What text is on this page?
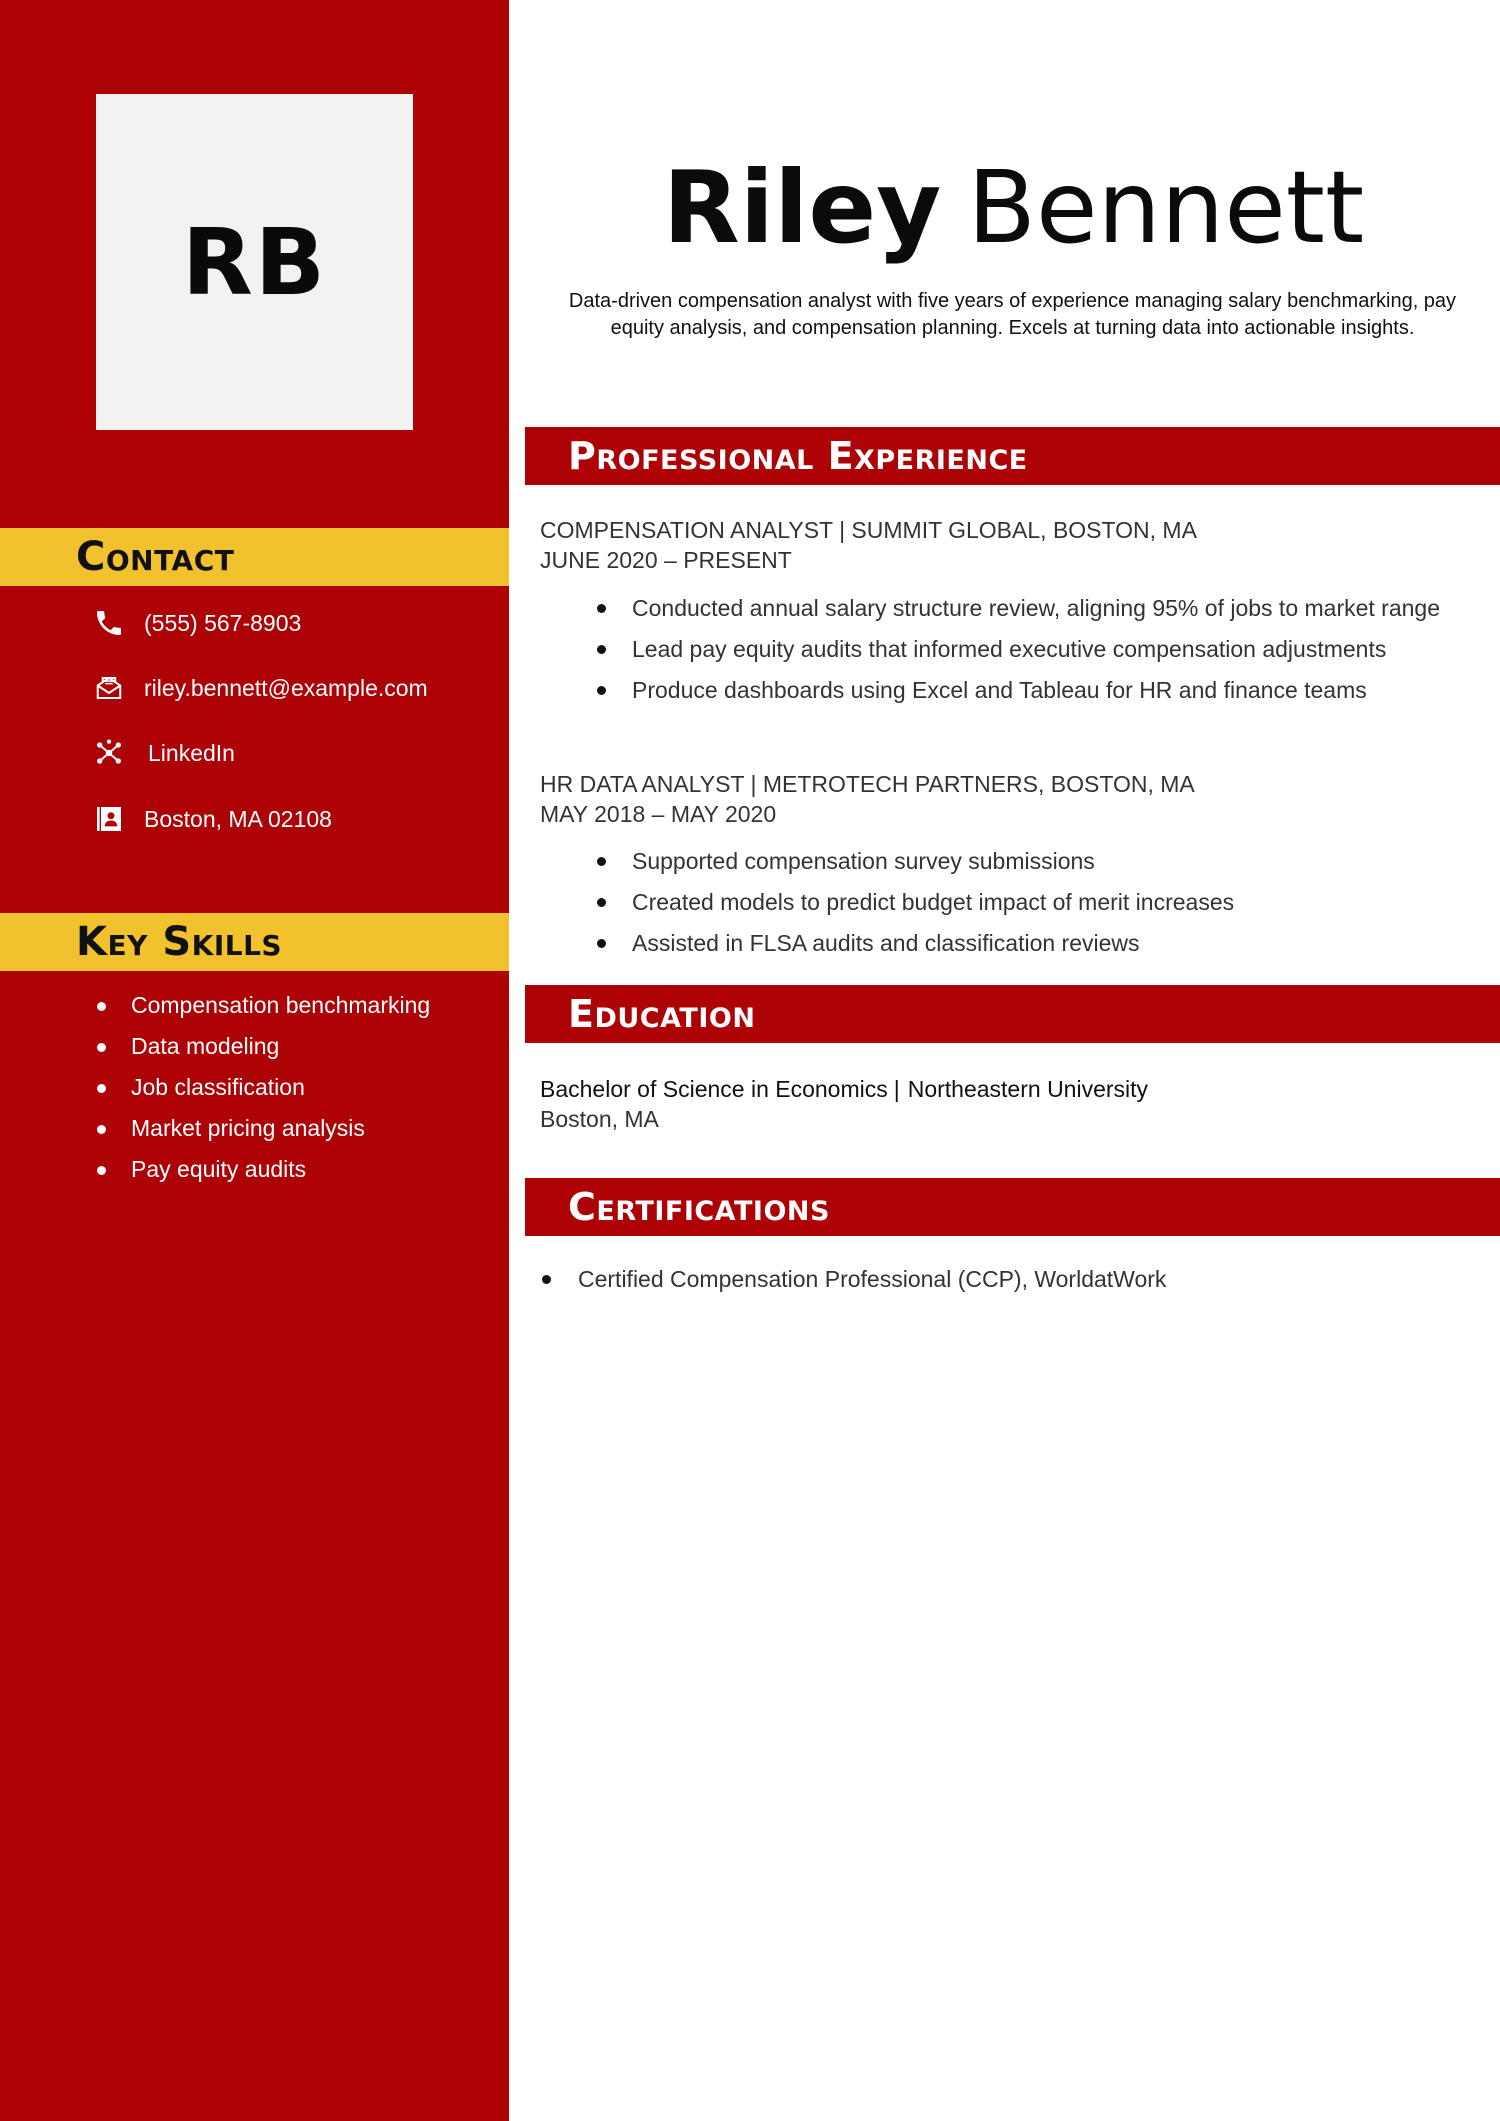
RB
Contact
(555) 567-8903
riley.bennett@example.com
LinkedIn
Boston, MA 02108
Key Skills
Compensation benchmarking
Data modeling
Job classification
Market pricing analysis
Pay equity audits
Riley Bennett
Data-driven compensation analyst with five years of experience managing salary benchmarking, pay equity analysis, and compensation planning. Excels at turning data into actionable insights.
Professional Experience
COMPENSATION ANALYST | SUMMIT GLOBAL, BOSTON, MA
JUNE 2020 – PRESENT
Conducted annual salary structure review, aligning 95% of jobs to market range
Lead pay equity audits that informed executive compensation adjustments
Produce dashboards using Excel and Tableau for HR and finance teams
HR DATA ANALYST | METROTECH PARTNERS, BOSTON, MA
MAY 2018 – MAY 2020
Supported compensation survey submissions
Created models to predict budget impact of merit increases
Assisted in FLSA audits and classification reviews
Education
Bachelor of Science in Economics | Northeastern University
Boston, MA
Certifications
Certified Compensation Professional (CCP), WorldatWork
